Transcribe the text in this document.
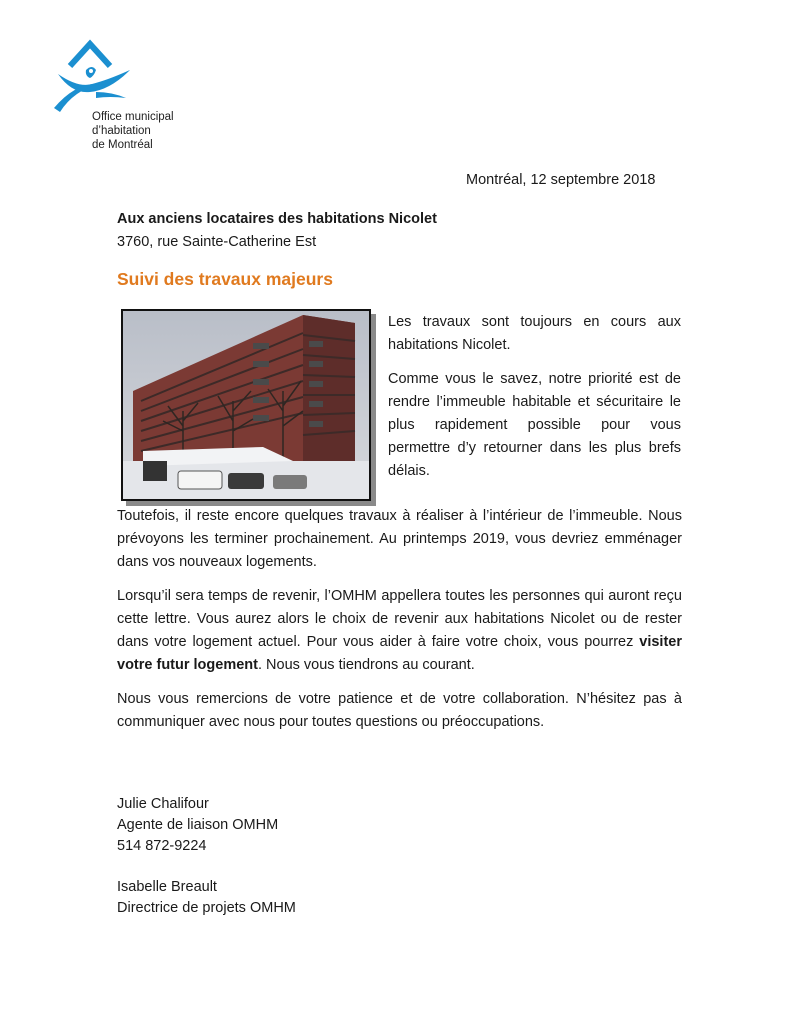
Office municipal
d’habitation
de Montréal
Montréal, 12 septembre 2018
Aux anciens locataires des habitations Nicolet
3760, rue Sainte-Catherine Est
Suivi des travaux majeurs

Les travaux sont toujours en cours aux habitations Nicolet.

Comme vous le savez, notre priorité est de rendre l’immeuble habitable et sécuritaire le plus rapidement possible pour vous permettre d’y retourner dans les plus brefs délais.

Toutefois, il reste encore quelques travaux à réaliser à l’intérieur de l’immeuble. Nous prévoyons les terminer prochainement. Au printemps 2019, vous devriez emménager dans vos nouveaux logements.

Lorsqu’il sera temps de revenir, l’OMHM appellera toutes les personnes qui auront reçu cette lettre. Vous aurez alors le choix de revenir aux habitations Nicolet ou de rester dans votre logement actuel. Pour vous aider à faire votre choix, vous pourrez visiter votre futur logement. Nous vous tiendrons au courant.

Nous vous remercions de votre patience et de votre collaboration. N’hésitez pas à communiquer avec nous pour toutes questions ou préoccupations.

Julie Chalifour
Agente de liaison OMHM
514 872-9224
Isabelle Breault
Directrice de projets OMHM
